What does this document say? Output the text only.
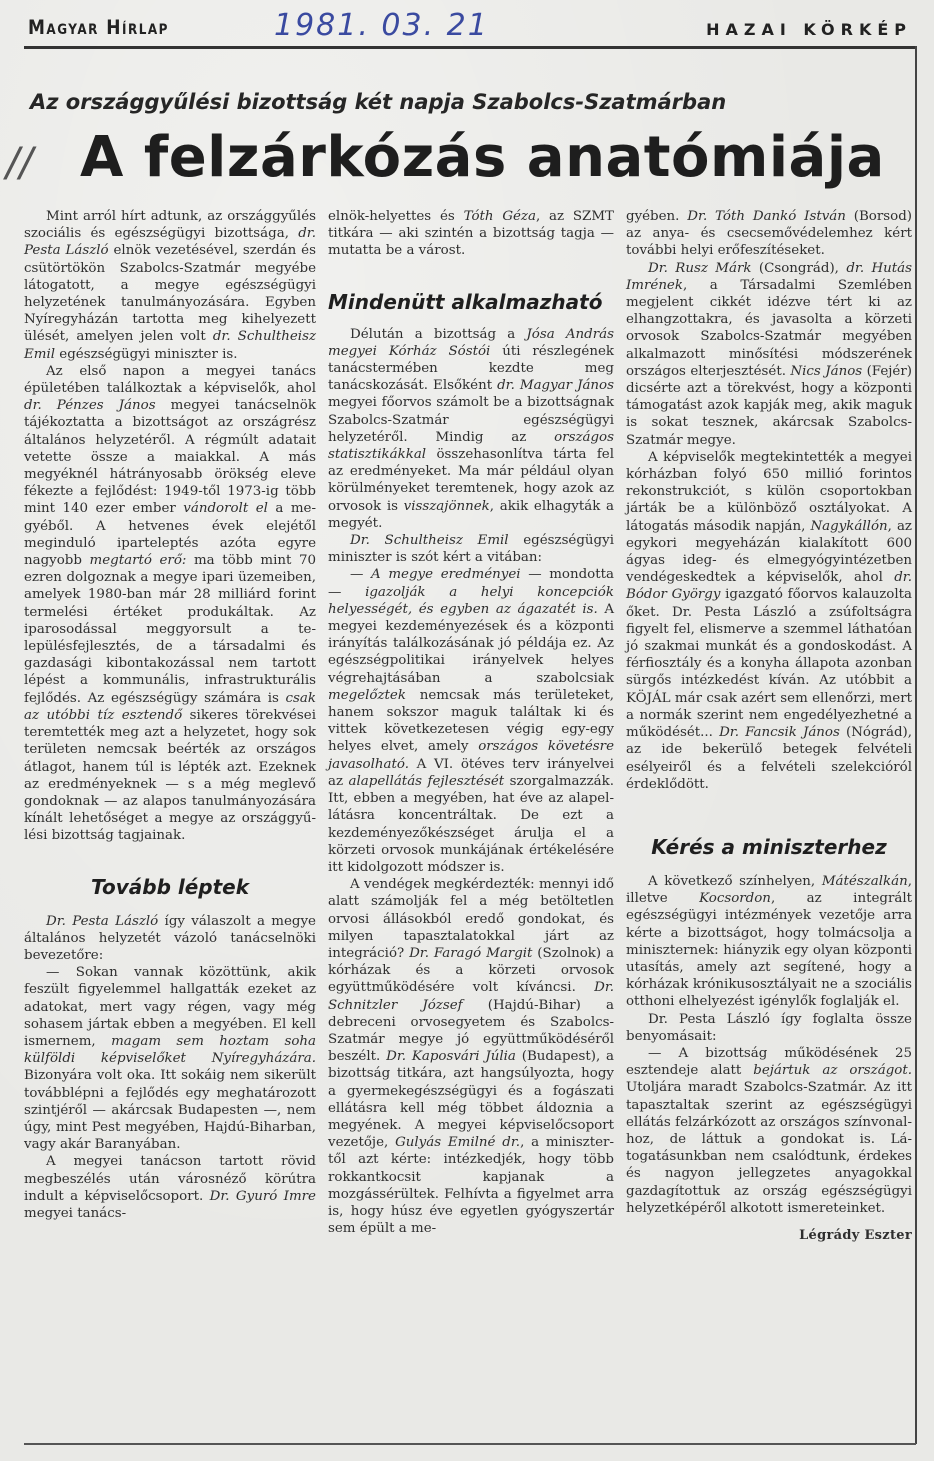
Magyar Hírlap	1981. 03. 21	HAZAI KÖRKÉP
//
Az országgyűlési bizottság két napja Szabolcs-Szatmárban
A felzárkózás anatómiája

Mint arról hírt adtunk, az országgyűlés szociális és egészségügyi bizottsága, dr. Pesta László elnök vezetésével, szerdán és csütörtökön Szabolcs-Szatmár megyébe látogatott, a megye egészségügyi helyzetének tanulmányozására. Egyben Nyíregyházán tartotta meg kihelyezett ülését, amelyen jelen volt dr. Schultheisz Emil egészségügyi miniszter is.

Az első napon a megyei tanács épületében találkoztak a képviselők, ahol dr. Pénzes János megyei tanácselnök tájékoztatta a bizottságot az országrész általános helyzetéről. A régmúlt adatait vetette össze a maiakkal. A más megyéknél hátrányosabb örökség eleve fékezte a fejlődést: 1949-től 1973-ig több mint 140 ezer ember vándorolt el a megyéből. A hetvenes évek elejétől meginduló iparteleptés azóta egyre nagyobb megtartó erő: ma több mint 70 ezren dolgoznak a megye ipari üzemeiben, amelyek 1980-ban már 28 milliárd forint termelési értéket produkáltak. Az iparosodással meggyorsult a településfejlesztés, de a társadalmi és gazdasági kibontakozással nem tartott lépést a kommunális, infrastrukturális fejlődés. Az egészségügy számára is csak az utóbbi tíz esztendő sikeres törekvései teremtették meg azt a helyzetet, hogy sok területen nemcsak beérték az országos átlagot, hanem túl is lépték azt. Ezeknek az eredményeknek — s a még meglevő gondoknak — az alapos tanulmányozására kínált lehetőséget a megye az országgyűlési bizottság tagjainak.

Tovább léptek

Dr. Pesta László így válaszolt a megye általános helyzetét vázoló tanácselnöki bevezetőre:

— Sokan vannak közöttünk, akik feszült figyelemmel hallgatták ezeket az adatokat, mert vagy régen, vagy még sohasem jártak ebben a megyében. El kell ismernem, magam sem hoztam soha külföldi képviselőket Nyíregyházára. Bizonyára volt oka. Itt sokáig nem sikerült továbblépni a fejlődés egy meghatározott szintjéről — akárcsak Budapesten —, nem úgy, mint Pest megyében, Hajdú-Biharban, vagy akár Baranyában.

A megyei tanácson tartott rövid megbeszélés után városnéző körútra indult a képviselőcsoport. Dr. Gyuró Imre megyei tanács-

elnök-helyettes és Tóth Géza, az SZMT titkára — aki szintén a bizottság tagja — mutatta be a várost.

Mindenütt alkalmazható

Délután a bizottság a Jósa András megyei Kórház Sóstói úti részlegének tanácstermében kezdte meg tanácskozását. Elsőként dr. Magyar János megyei főorvos számolt be a bizottságnak Szabolcs-Szatmár egészségügyi helyzetéről. Mindig az országos statisztikákkal összehasonlítva tárta fel az eredményeket. Ma már például olyan körülményeket teremtenek, hogy azok az orvosok is visszajönnek, akik elhagyták a megyét.

Dr. Schultheisz Emil egészségügyi miniszter is szót kért a vitában:

— A megye eredményei — mondotta — igazolják a helyi koncepciók helyességét, és egyben az ágazatét is. A megyei kezdeményezések és a központi irányítás találkozásának jó példája ez. Az egészségpolitikai irányelvek helyes végrehajtásában a szabolcsiak megelőztek nemcsak más területeket, hanem sokszor maguk találtak ki és vittek következetesen végig egy-egy helyes elvet, amely országos követésre javasolható. A VI. ötéves terv irányelvei az alapellátás fejlesztését szorgalmazzák. Itt, ebben a megyében, hat éve az alapellátásra koncentráltak. De ezt a kezdeményezőkészséget árulja el a körzeti orvosok munkájának értékelésére itt kidolgozott módszer is.

A vendégek megkérdezték: mennyi idő alatt számolják fel a még betöltetlen orvosi állásokból eredő gondokat, és milyen tapasztalatokkal járt az integráció? Dr. Faragó Margit (Szolnok) a kórházak és a körzeti orvosok együttműködésére volt kíváncsi. Dr. Schnitzler József (Hajdú-Bihar) a debreceni orvosegyetem és Szabolcs-Szatmár megye jó együttműködéséről beszélt. Dr. Kaposvári Júlia (Budapest), a bizottság titkára, azt hangsúlyozta, hogy a gyermekegészségügyi és a fogászati ellátásra kell még többet áldoznia a megyének. A megyei képviselőcsoport vezetője, Gulyás Emilné dr., a minisztertől azt kérte: intézkedjék, hogy több rokkantkocsit kapjanak a mozgássérültek. Felhívta a figyelmet arra is, hogy húsz éve egyetlen gyógyszertár sem épült a me-

gyében. Dr. Tóth Dankó István (Borsod) az anya- és csecsemővédelemhez kért további helyi erőfeszítéseket.

Dr. Rusz Márk (Csongrád), dr. Hutás Imrének, a Társadalmi Szemlében megjelent cikkét idézve tért ki az elhangzottakra, és javasolta a körzeti orvosok Szabolcs-Szatmár megyében alkalmazott minősítési módszerének országos elterjesztését. Nics János (Fejér) dicsérte azt a törekvést, hogy a központi támogatást azok kapják meg, akik maguk is sokat tesznek, akárcsak Szabolcs-Szatmár megye.

A képviselők megtekintették a megyei kórházban folyó 650 millió forintos rekonstrukciót, s külön csoportokban járták be a különböző osztályokat. A látogatás második napján, Nagykállón, az egykori megyeházán kialakított 600 ágyas ideg- és elmegyógyintézetben vendégeskedtek a képviselők, ahol dr. Bódor György igazgató főorvos kalauzolta őket. Dr. Pesta László a zsúfoltságra figyelt fel, elismerve a szemmel láthatóan jó szakmai munkát és a gondoskodást. A férfiosztály és a konyha állapota azonban sürgős intézkedést kíván. Az utóbbit a KÖJÁL már csak azért sem ellenőrzi, mert a normák szerint nem engedélyezhetné a működését... Dr. Fancsik János (Nógrád), az ide bekerülő betegek felvételi esélyeiről és a felvételi szelekcióról érdeklődött.

Kérés a miniszterhez

A következő színhelyen, Mátészalkán, illetve Kocsordon, az integrált egészségügyi intézmények vezetője arra kérte a bizottságot, hogy tolmácsolja a miniszternek: hiányzik egy olyan központi utasítás, amely azt segítené, hogy a kórházak krónikusosztályait ne a szociális otthoni elhelyezést igénylők foglalják el.

Dr. Pesta László így foglalta össze benyomásait:

— A bizottság működésének 25 esztendeje alatt bejártuk az országot. Utoljára maradt Szabolcs-Szatmár. Az itt tapasztaltak szerint az egészségügyi ellátás felzárkózott az országos színvonalhoz, de láttuk a gondokat is. Látogatásunkban nem csalódtunk, érdekes és nagyon jellegzetes anyagokkal gazdagítottuk az ország egészségügyi helyzetképéről alkotott ismereteinket.

Légrády Eszter
